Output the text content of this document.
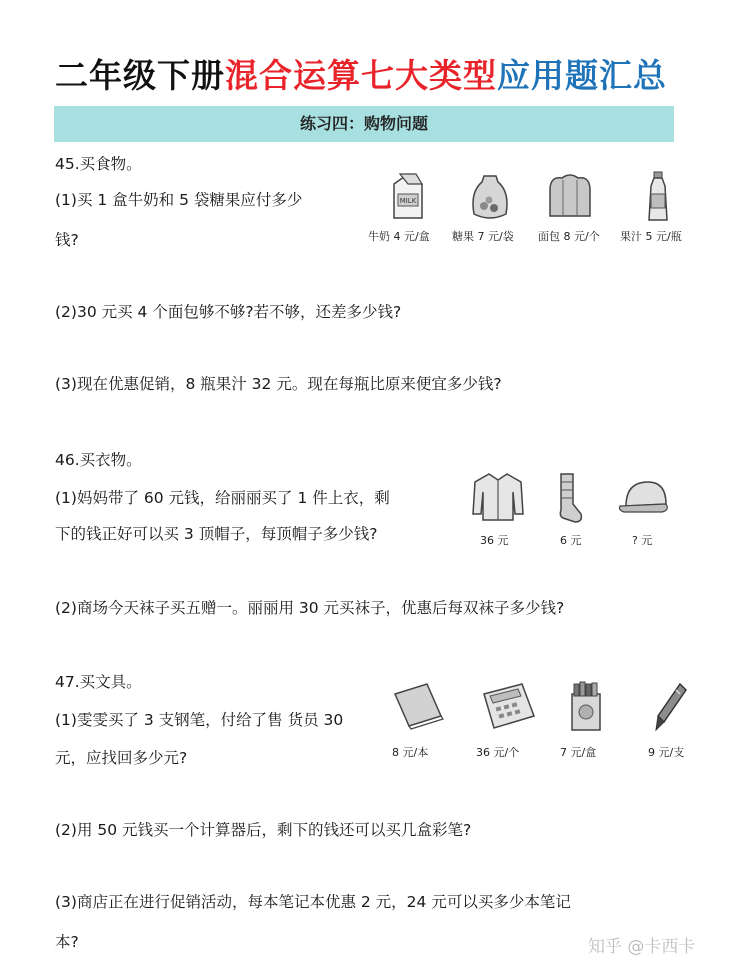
二年级下册混合运算七大类型应用题汇总
练习四：购物问题
45.买食物。
(1)买 1 盒牛奶和 5 袋糖果应付多少
钱?
(2)30 元买 4 个面包够不够?若不够，还差多少钱?
(3)现在优惠促销，8 瓶果汁 32 元。现在每瓶比原来便宜多少钱?
MILK
牛奶 4 元/盒 糖果 7 元/袋 面包 8 元/个 果汁 5 元/瓶
46.买衣物。
(1)妈妈带了 60 元钱，给丽丽买了 1 件上衣，剩
下的钱正好可以买 3 顶帽子，每顶帽子多少钱?
(2)商场今天袜子买五赠一。丽丽用 30 元买袜子，优惠后每双袜子多少钱?
36 元	6 元	? 元
47.买文具。
(1)雯雯买了 3 支钢笔，付给了售 货员 30
元，应找回多少元?
(2)用 50 元钱买一个计算器后，剩下的钱还可以买几盒彩笔?
(3)商店正在进行促销活动，每本笔记本优惠 2 元，24 元可以买多少本笔记
本?
8 元/本	36 元/个	7 元/盒	9 元/支
知乎 @卡西卡
